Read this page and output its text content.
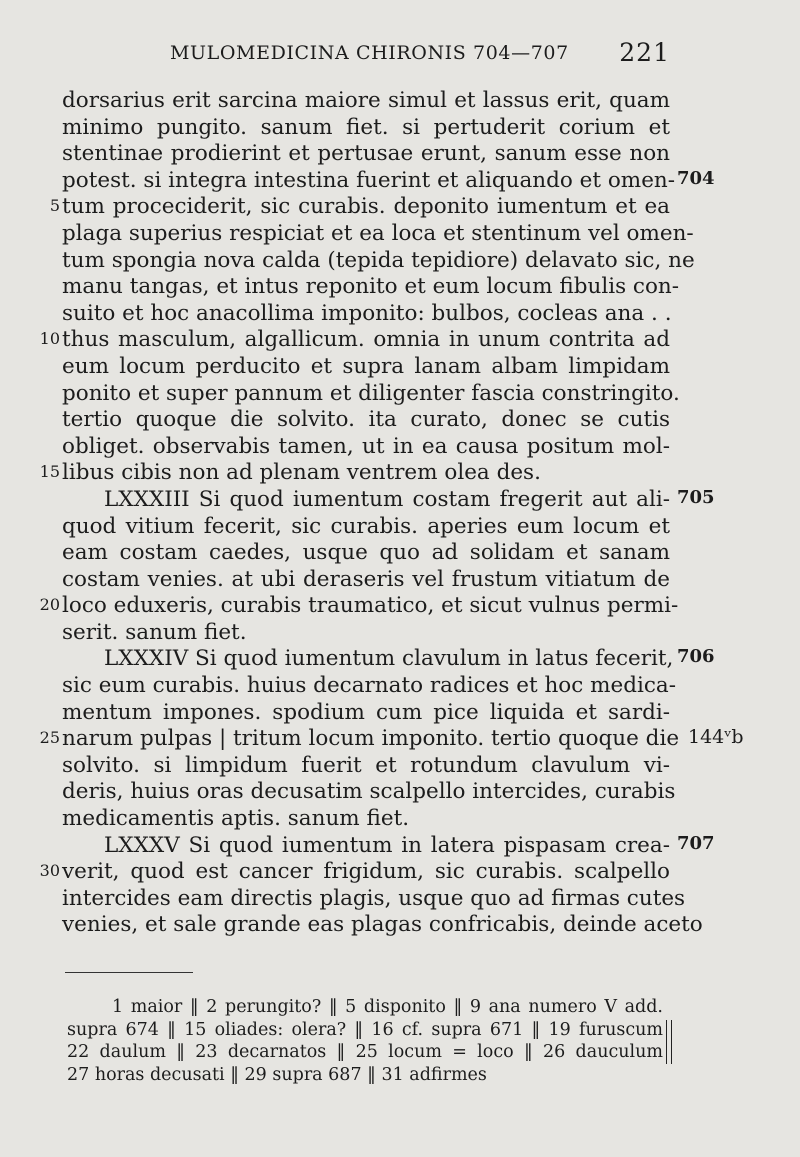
MULOMEDICINA CHIRONIS 704—707 221
dorsarius erit sarcina maiore simul et lassus erit, quam
minimo pungito. sanum fiet. si pertuderit corium et
stentinae prodierint et pertusae erunt, sanum esse non
potest. si integra intestina fuerint et aliquando et omen- 704
5 tum proceciderit, sic curabis. deponito iumentum et ea
plaga superius respiciat et ea loca et stentinum vel omen-
tum spongia nova calda (tepida tepidiore) delavato sic, ne
manu tangas, et intus reponito et eum locum fibulis con-
suito et hoc anacollima imponito: bulbos, cocleas ana . .
10 thus masculum, algallicum. omnia in unum contrita ad
eum locum perducito et supra lanam albam limpidam
ponito et super pannum et diligenter fascia constringito.
tertio quoque die solvito. ita curato, donec se cutis
obliget. observabis tamen, ut in ea causa positum mol-
15 libus cibis non ad plenam ventrem olea des.
LXXXIII Si quod iumentum costam fregerit aut ali- 705
quod vitium fecerit, sic curabis. aperies eum locum et
eam costam caedes, usque quo ad solidam et sanam
costam venies. at ubi deraseris vel frustum vitiatum de
20 loco eduxeris, curabis traumatico, et sicut vulnus permi-
serit. sanum fiet.
LXXXIV Si quod iumentum clavulum in latus fecerit, 706
sic eum curabis. huius decarnato radices et hoc medica-
mentum impones. spodium cum pice liquida et sardi-
25 narum pulpas | tritum locum imponito. tertio quoque die 144ᵛb
solvito. si limpidum fuerit et rotundum clavulum vi-
deris, huius oras decusatim scalpello intercides, curabis
medicamentis aptis. sanum fiet.
LXXXV Si quod iumentum in latera pispasam crea- 707
30 verit, quod est cancer frigidum, sic curabis. scalpello
intercides eam directis plagis, usque quo ad firmas cutes
venies, et sale grande eas plagas confricabis, deinde aceto
1 maior ‖ 2 perungito? ‖ 5 disponito ‖ 9 ana numero V add.
supra 674 ‖ 15 oliades: olera? ‖ 16 cf. supra 671 ‖ 19 furuscum
22 daulum ‖ 23 decarnatos ‖ 25 locum = loco ‖ 26 dauculum
27 horas decusati ‖ 29 supra 687 ‖ 31 adfirmes
